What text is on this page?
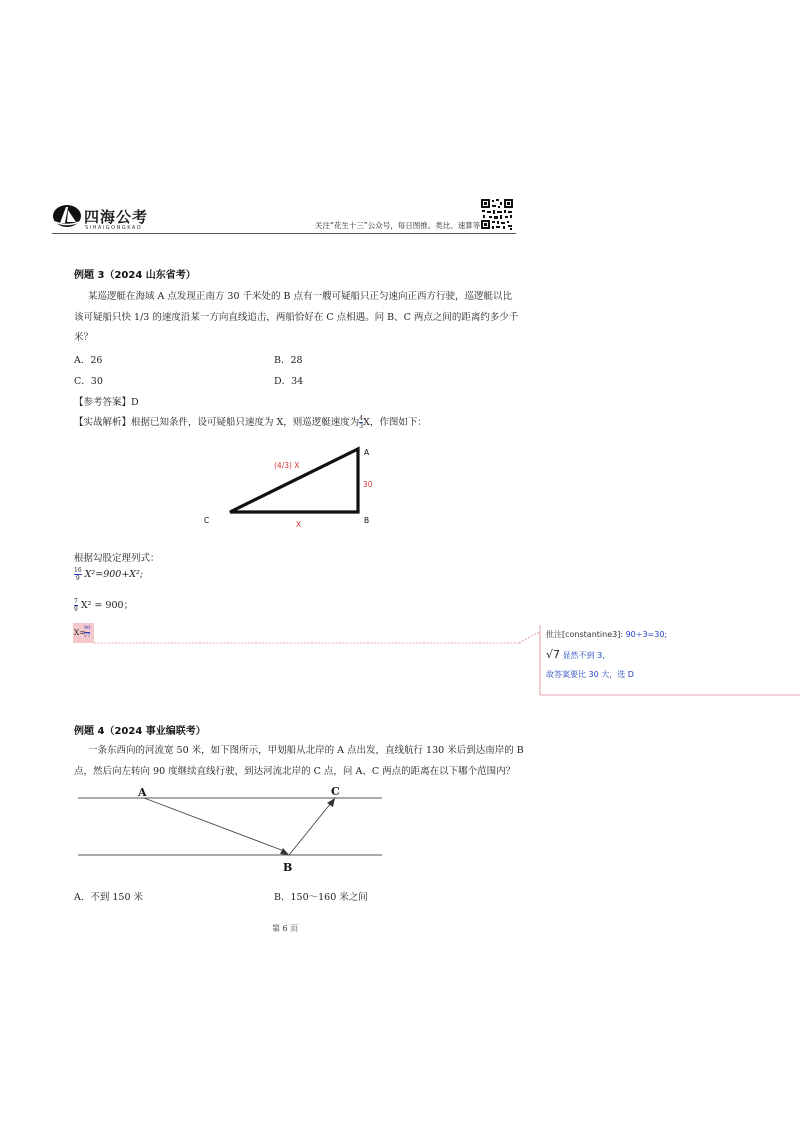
四海公考
SIHAIGONGKAO	关注“花生十三”公众号，每日图推、类比、速算等
例题 3（2024 山东省考）
某巡逻艇在海域 A 点发现正南方 30 千米处的 B 点有一艘可疑船只正匀速向正西方行驶，巡逻艇以比
该可疑船只快 1/3 的速度沿某一方向直线追击，两船恰好在 C 点相遇。问 B、C 两点之间的距离约多少千
米？
A．26	B．28
C．30	D．34
【参考答案】D
【实战解析】根据已知条件，设可疑船只速度为 X，则巡逻艇速度为 $\frac{4}{3}$ X，作图如下：
A
B
C
(4/3) X
30
X
根据勾股定理列式：
$\frac{16}{9} X^2=900+X^2$;
$\frac{7}{9} X^2 = 900$；
X=
$\frac{90}{√7}$	批注[constantine3]: 90÷3=30;
√7 显然不到 3,
故答案要比 30 大，选 D
例题 4（2024 事业编联考）
一条东西向的河流宽 50 米，如下图所示，甲划船从北岸的 A 点出发，直线航行 130 米后到达南岸的 B
点，然后向左转向 90 度继续直线行驶，到达河流北岸的 C 点，问 A、C 两点的距离在以下哪个范围内？
A	C
B
A．不到 150 米	B．150～160 米之间
第 6 页
